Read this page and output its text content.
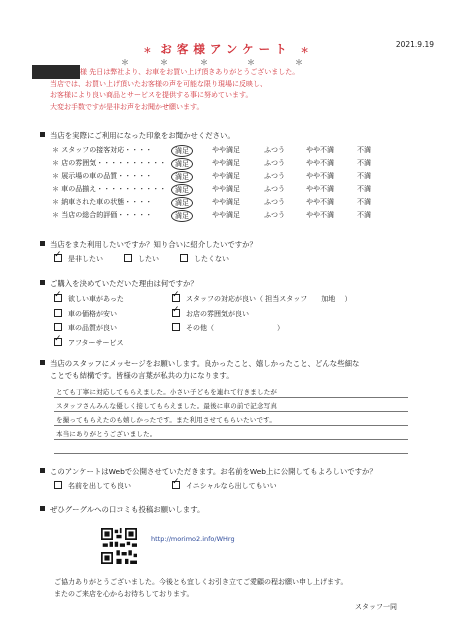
2021.9.19
＊ お客様アンケート ＊
＊	＊	＊	＊	＊
様 先日は弊社より、お車をお買い上げ頂きありがとうございました。
当店では、お買い上げ頂いたお客様の声を可能な限り現場に反映し、
お客様により良い商品とサービスを提供する事に努めています。
大変お手数ですが是非お声をお聞かせ願います。
当店を実際にご利用になった印象をお聞かせください。
＊ スタッフの接客対応・・・・	満足	やや満足	ふつう	やや不満	不満
＊ 店の雰囲気・・・・・・・・・・	満足	やや満足	ふつう	やや不満	不満
＊ 展示場の車の品質・・・・・	満足	やや満足	ふつう	やや不満	不満
＊ 車の品揃え・・・・・・・・・・	満足	やや満足	ふつう	やや不満	不満
＊ 納車された車の状態・・・・	満足	やや満足	ふつう	やや不満	不満
＊ 当店の総合的評価・・・・・	満足	やや満足	ふつう	やや不満	不満
当店をまた利用したいですか？知り合いに紹介したいですか？
✓是非したい	したい	したくない
ご購入を決めていただいた理由は何ですか？
✓欲しい車があった ✓	スタッフの対応が良い（ 担当スタッフ　　加地　 ）
車の価格が安い ✓	お店の雰囲気が良い
車の品質が良い	その他（　　　　　　　　　）
✓アフターサービス
当店のスタッフにメッセージをお願いします。良かったこと、嬉しかったこと、どんな些細な
ことでも結構です。皆様の言葉が私共の力になります。
とても丁寧に対応してもらえました。小さい子どもを連れて行きましたが
スタッフさんみんな優しく接してもらえました。最後に車の前で記念写真
を撮ってもらえたのも嬉しかったです。また利用させてもらいたいです。
本当にありがとうございました。
このアンケートはWebで公開させていただきます。お名前をWeb上に公開してもよろしいですか？
名前を出しても良い ✓	イニシャルなら出してもいい
ぜひグーグルへの口コミも投稿お願いします。
http://morimo2.info/WHrg
ご協力ありがとうございました。今後とも宜しくお引き立てご愛顧の程お願い申し上げます。
またのご来店を心からお待ちしております。
スタッフ一同
